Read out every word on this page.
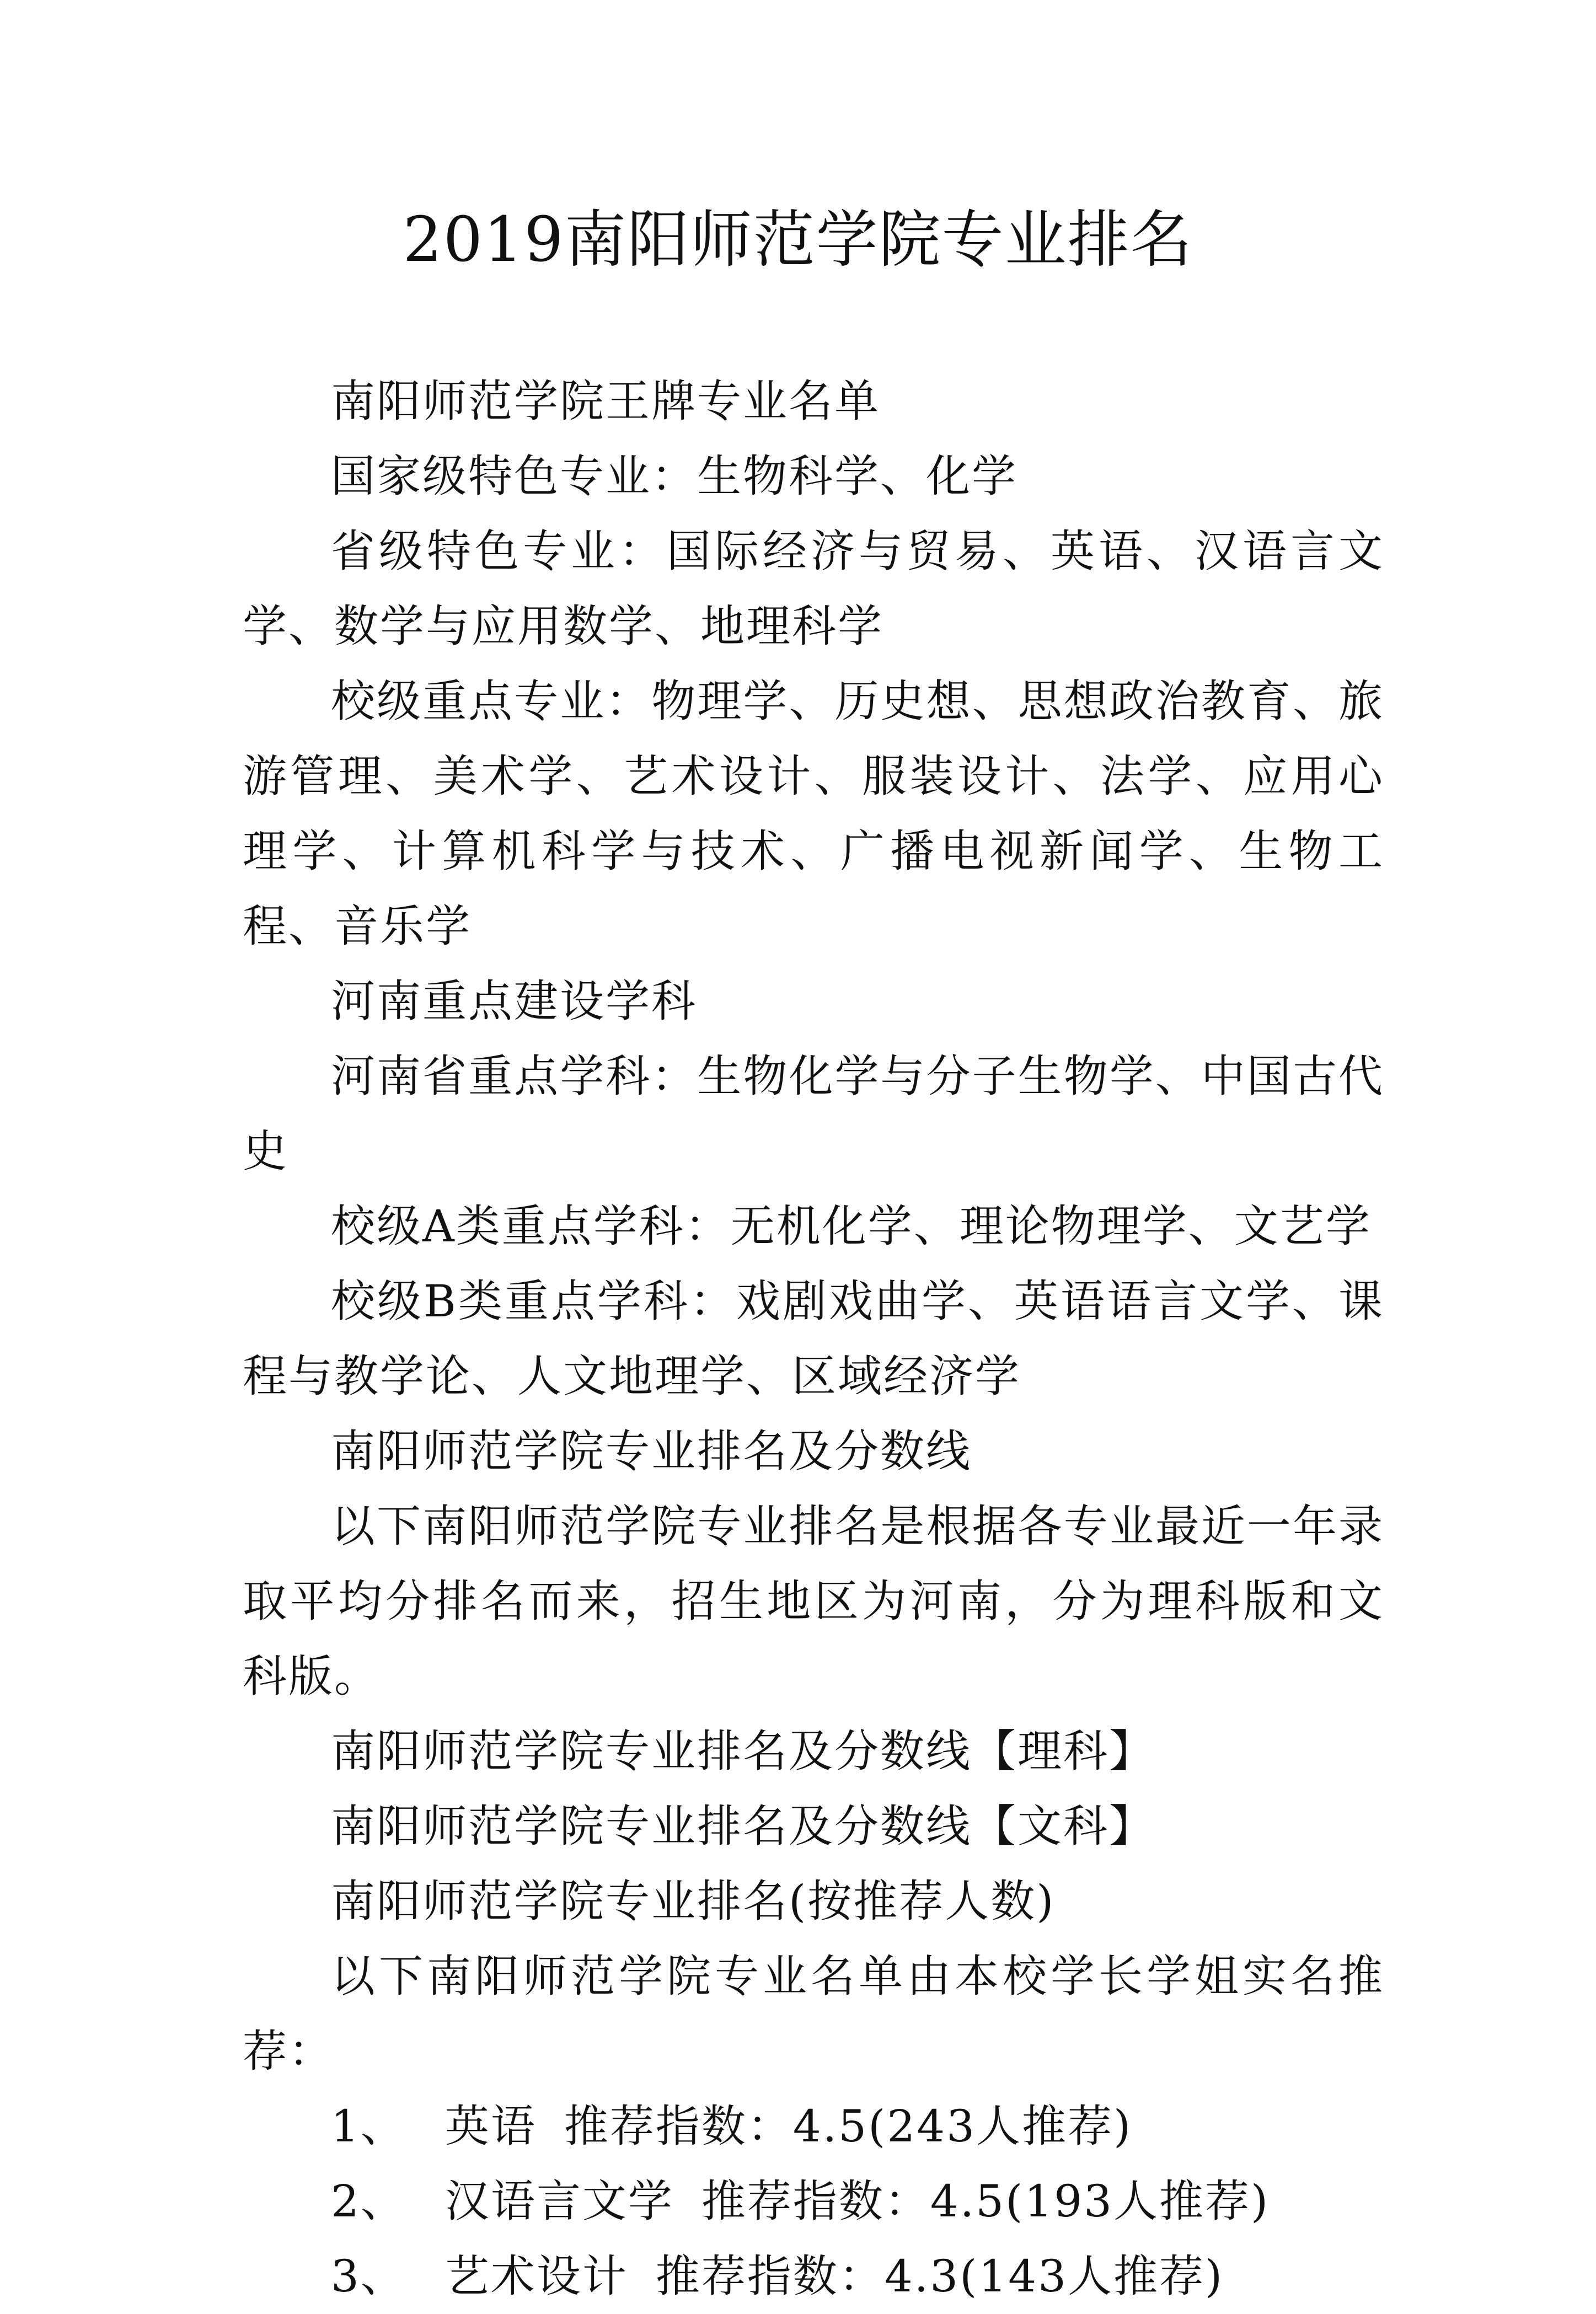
2019南阳师范学院专业排名

南阳师范学院王牌专业名单

国家级特色专业：生物科学、化学

省级特色专业：国际经济与贸易、英语、汉语言文学、数学与应用数学、地理科学

校级重点专业：物理学、历史想、思想政治教育、旅游管理、美术学、艺术设计、服装设计、法学、应用心理学、计算机科学与技术、广播电视新闻学、生物工程、音乐学

河南重点建设学科

河南省重点学科：生物化学与分子生物学、中国古代史

校级A类重点学科：无机化学、理论物理学、文艺学

校级B类重点学科：戏剧戏曲学、英语语言文学、课程与教学论、人文地理学、区域经济学

南阳师范学院专业排名及分数线

以下南阳师范学院专业排名是根据各专业最近一年录取平均分排名而来，招生地区为河南，分为理科版和文科版。

南阳师范学院专业排名及分数线【理科】

南阳师范学院专业排名及分数线【文科】

南阳师范学院专业排名(按推荐人数)

以下南阳师范学院专业名单由本校学长学姐实名推荐：

1、 英语 推荐指数：4.5(243人推荐)
2、 汉语言文学 推荐指数：4.5(193人推荐)
3、 艺术设计 推荐指数：4.3(143人推荐)
